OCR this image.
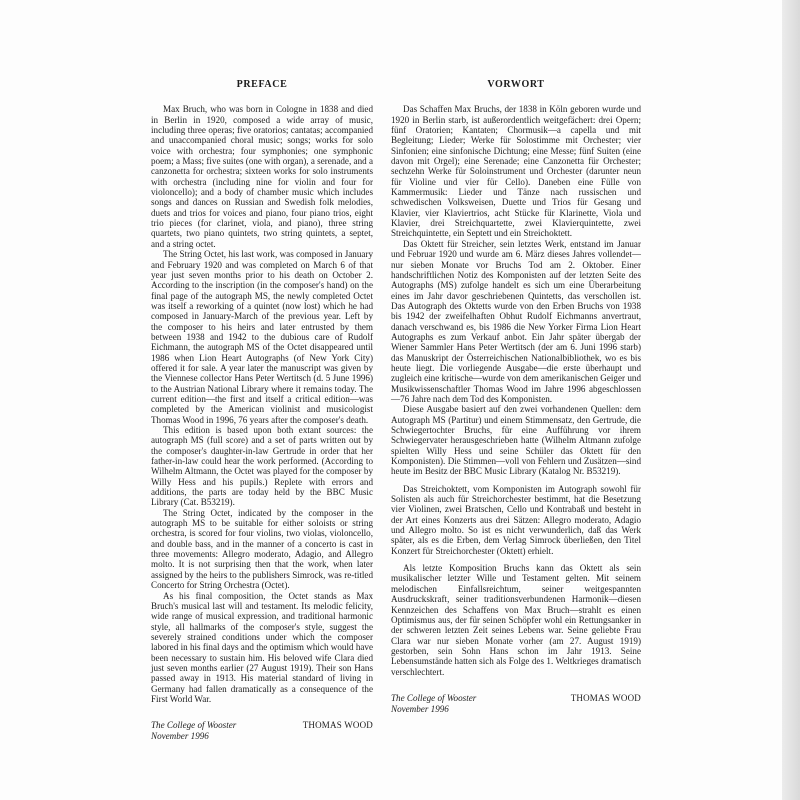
PREFACE

Max Bruch, who was born in Cologne in 1838 and died in Berlin in 1920, composed a wide array of music, including three operas; five oratorios; cantatas; accompanied and unaccompanied choral music; songs; works for solo voice with orchestra; four symphonies; one symphonic poem; a Mass; five suites (one with organ), a serenade, and a canzonetta for orchestra; sixteen works for solo instruments with orchestra (including nine for violin and four for violoncello); and a body of chamber music which includes songs and dances on Russian and Swedish folk melodies, duets and trios for voices and piano, four piano trios, eight trio pieces (for clarinet, viola, and piano), three string quartets, two piano quintets, two string quintets, a septet, and a string octet.

The String Octet, his last work, was composed in January and February 1920 and was completed on March 6 of that year just seven months prior to his death on October 2. According to the inscription (in the composer's hand) on the final page of the autograph MS, the newly completed Octet was itself a reworking of a quintet (now lost) which he had composed in January-March of the previous year. Left by the composer to his heirs and later entrusted by them between 1938 and 1942 to the dubious care of Rudolf Eichmann, the autograph MS of the Octet disappeared until 1986 when Lion Heart Autographs (of New York City) offered it for sale. A year later the manuscript was given by the Viennese collector Hans Peter Wertitsch (d. 5 June 1996) to the Austrian National Library where it remains today. The current edition—the first and itself a critical edition—was completed by the American violinist and musicologist Thomas Wood in 1996, 76 years after the composer's death.

This edition is based upon both extant sources: the autograph MS (full score) and a set of parts written out by the composer's daughter-in-law Gertrude in order that her father-in-law could hear the work performed. (According to Wilhelm Altmann, the Octet was played for the composer by Willy Hess and his pupils.) Replete with errors and additions, the parts are today held by the BBC Music Library (Cat. B53219).

The String Octet, indicated by the composer in the autograph MS to be suitable for either soloists or string orchestra, is scored for four violins, two violas, violoncello, and double bass, and in the manner of a concerto is cast in three movements: Allegro moderato, Adagio, and Allegro molto. It is not surprising then that the work, when later assigned by the heirs to the publishers Simrock, was re-titled Concerto for String Orchestra (Octet).

As his final composition, the Octet stands as Max Bruch's musical last will and testament. Its melodic felicity, wide range of musical expression, and traditional harmonic style, all hallmarks of the composer's style, suggest the severely strained conditions under which the composer labored in his final days and the optimism which would have been necessary to sustain him. His beloved wife Clara died just seven months earlier (27 August 1919). Their son Hans passed away in 1913. His material standard of living in Germany had fallen dramatically as a consequence of the First World War.

The College of Wooster
November 1996
THOMAS WOOD
VORWORT

Das Schaffen Max Bruchs, der 1838 in Köln geboren wurde und 1920 in Berlin starb, ist außerordentlich weitgefächert: drei Opern; fünf Oratorien; Kantaten; Chormusik—a capella und mit Begleitung; Lieder; Werke für Solostimme mit Orchester; vier Sinfonien; eine sinfonische Dichtung; eine Messe; fünf Suiten (eine davon mit Orgel); eine Serenade; eine Canzonetta für Orchester; sechzehn Werke für Soloinstrument und Orchester (darunter neun für Violine und vier für Cello). Daneben eine Fülle von Kammermusik: Lieder und Tänze nach russischen und schwedischen Volksweisen, Duette und Trios für Gesang und Klavier, vier Klaviertrios, acht Stücke für Klarinette, Viola und Klavier, drei Streichquartette, zwei Klavierquintette, zwei Streichquintette, ein Septett und ein Streichoktett.

Das Oktett für Streicher, sein letztes Werk, entstand im Januar und Februar 1920 und wurde am 6. März dieses Jahres vollendet—nur sieben Monate vor Bruchs Tod am 2. Oktober. Einer handschriftlichen Notiz des Komponisten auf der letzten Seite des Autographs (MS) zufolge handelt es sich um eine Überarbeitung eines im Jahr davor geschriebenen Quintetts, das verschollen ist. Das Autograph des Oktetts wurde von den Erben Bruchs von 1938 bis 1942 der zweifelhaften Obhut Rudolf Eichmanns anvertraut, danach verschwand es, bis 1986 die New Yorker Firma Lion Heart Autographs es zum Verkauf anbot. Ein Jahr später übergab der Wiener Sammler Hans Peter Wertitsch (der am 6. Juni 1996 starb) das Manuskript der Österreichischen Nationalbibliothek, wo es bis heute liegt. Die vorliegende Ausgabe—die erste überhaupt und zugleich eine kritische—wurde von dem amerikanischen Geiger und Musikwissenschaftler Thomas Wood im Jahre 1996 abgeschlossen—76 Jahre nach dem Tod des Komponisten.

Diese Ausgabe basiert auf den zwei vorhandenen Quellen: dem Autograph MS (Partitur) und einem Stimmensatz, den Gertrude, die Schwiegertochter Bruchs, für eine Aufführung vor ihrem Schwiegervater herausgeschrieben hatte (Wilhelm Altmann zufolge spielten Willy Hess und seine Schüler das Oktett für den Komponisten). Die Stimmen—voll von Fehlern und Zusätzen—sind heute im Besitz der BBC Music Library (Katalog Nr. B53219).

Das Streichoktett, vom Komponisten im Autograph sowohl für Solisten als auch für Streichorchester bestimmt, hat die Besetzung vier Violinen, zwei Bratschen, Cello und Kontrabaß und besteht in der Art eines Konzerts aus drei Sätzen: Allegro moderato, Adagio und Allegro molto. So ist es nicht verwunderlich, daß das Werk später, als es die Erben, dem Verlag Simrock überließen, den Titel Konzert für Streichorchester (Oktett) erhielt.

Als letzte Komposition Bruchs kann das Oktett als sein musikalischer letzter Wille und Testament gelten. Mit seinem melodischen Einfallsreichtum, seiner weitgespannten Ausdruckskraft, seiner traditionsverbundenen Harmonik—diesen Kennzeichen des Schaffens von Max Bruch—strahlt es einen Optimismus aus, der für seinen Schöpfer wohl ein Rettungsanker in der schweren letzten Zeit seines Lebens war. Seine geliebte Frau Clara war nur sieben Monate vorher (am 27. August 1919) gestorben, sein Sohn Hans schon im Jahr 1913. Seine Lebensumstände hatten sich als Folge des 1. Weltkrieges dramatisch verschlechtert.

The College of Wooster
November 1996
THOMAS WOOD
